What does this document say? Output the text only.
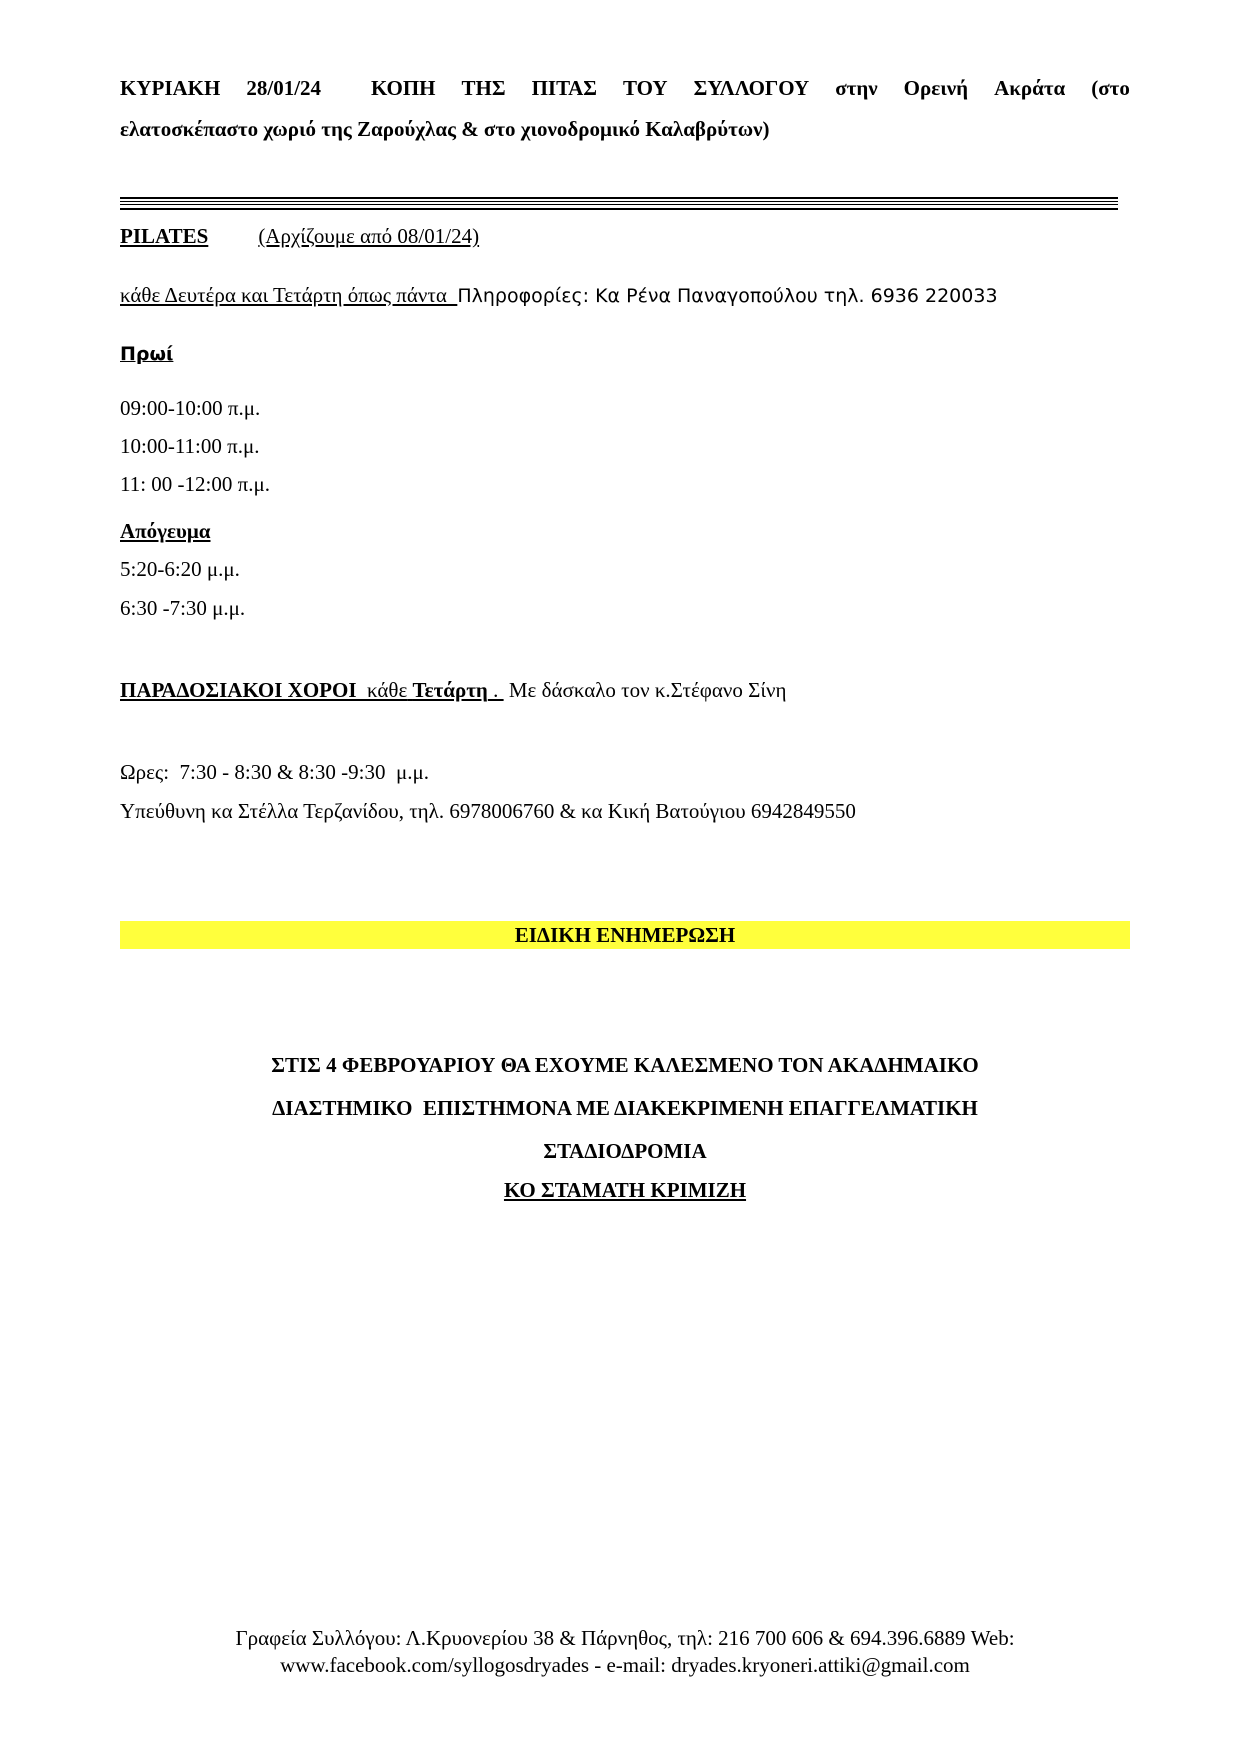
ΚΥΡΙΑΚΗ 28/01/24 ΚΟΠΗ ΤΗΣ ΠΙΤΑΣ ΤΟΥ ΣΥΛΛΟΓΟΥ στην Ορεινή Ακράτα (στο
ελατοσκέπαστο χωριό της Ζαρούχλας & στο χιονοδρομικό Καλαβρύτων)
PILATES (Αρχίζουμε από 08/01/24)
κάθε Δευτέρα και Τετάρτη όπως πάντα  Πληροφορίες: Κα Ρένα Παναγοπούλου τηλ. 6936 220033
Πρωί
09:00-10:00 π.μ.
10:00-11:00 π.μ.
11: 00 -12:00 π.μ.
Απόγευμα
5:20-6:20 μ.μ.
6:30 -7:30 μ.μ.
ΠΑΡΑΔΟΣΙΑΚΟΙ ΧΟΡΟΙ κάθε Τετάρτη .  Με δάσκαλο τον κ.Στέφανο Σίνη
Ωρες:  7:30 - 8:30 & 8:30 -9:30  μ.μ.
Υπεύθυνη κα Στέλλα Τερζανίδου, τηλ. 6978006760 & κα Κική Βατούγιου 6942849550
ΕΙΔΙΚΗ ΕΝΗΜΕΡΩΣΗ
ΣΤΙΣ 4 ΦΕΒΡΟΥΑΡΙΟΥ ΘΑ ΕΧΟΥΜΕ ΚΑΛΕΣΜΕΝΟ ΤΟΝ ΑΚΑΔΗΜΑΙΚΟ
ΔΙΑΣΤΗΜΙΚΟ  ΕΠΙΣΤΗΜΟΝΑ ΜΕ ΔΙΑΚΕΚΡΙΜΕΝΗ ΕΠΑΓΓΕΛΜΑΤΙΚΗ
ΣΤΑΔΙΟΔΡΟΜΙΑ
ΚΟ ΣΤΑΜΑΤΗ ΚΡΙΜΙΖΗ
Γραφεία Συλλόγου: Λ.Κρυονερίου 38 & Πάρνηθος, τηλ: 216 700 606 & 694.396.6889 Web:
www.facebook.com/syllogosdryades - e-mail: dryades.kryoneri.attiki@gmail.com
